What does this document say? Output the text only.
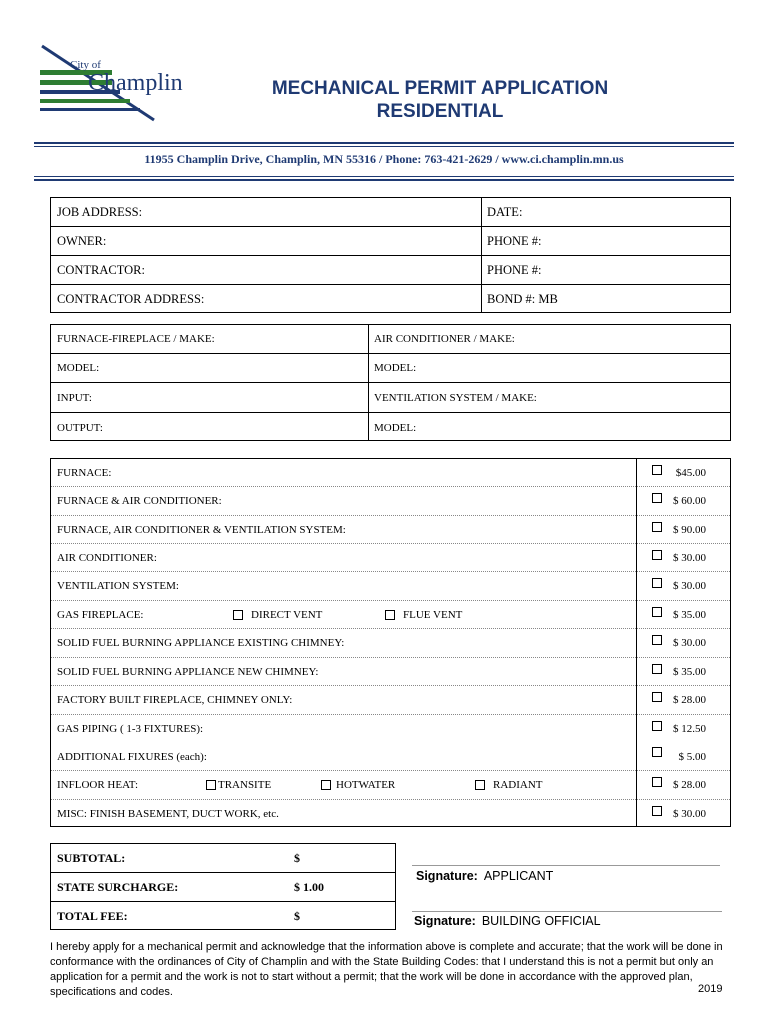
City of
Champlin	MECHANICAL PERMIT APPLICATION
RESIDENTIAL
11955 Champlin Drive, Champlin, MN 55316 / Phone: 763-421-2629 / www.ci.champlin.mn.us
JOB ADDRESS:	DATE:
OWNER:	PHONE #:
CONTRACTOR:	PHONE #:
CONTRACTOR ADDRESS:	BOND #: MB
FURNACE-FIREPLACE / MAKE:	AIR CONDITIONER / MAKE:
MODEL:	MODEL:
INPUT:	VENTILATION SYSTEM / MAKE:
OUTPUT:	MODEL:
FURNACE:	$45.00
FURNACE & AIR CONDITIONER:	$ 60.00
FURNACE, AIR CONDITIONER & VENTILATION SYSTEM:	$ 90.00
AIR CONDITIONER:	$ 30.00
VENTILATION SYSTEM:	$ 30.00
GAS FIREPLACE:	DIRECT VENT	FLUE VENT	$ 35.00
SOLID FUEL BURNING APPLIANCE EXISTING CHIMNEY:	$ 30.00
SOLID FUEL BURNING APPLIANCE NEW CHIMNEY:	$ 35.00
FACTORY BUILT FIREPLACE, CHIMNEY ONLY:	$ 28.00
GAS PIPING ( 1-3 FIXTURES):	$ 12.50
ADDITIONAL FIXURES (each):	$ 5.00
INFLOOR HEAT:	TRANSITE	HOTWATER	RADIANT	$ 28.00
MISC: FINISH BASEMENT, DUCT WORK, etc.	$ 30.00
SUBTOTAL:	$
STATE SURCHARGE:	$ 1.00
TOTAL FEE:	$
Signature: APPLICANT
Signature: BUILDING OFFICIAL
I hereby apply for a mechanical permit and acknowledge that the information above is complete and accurate; that the work will be done in conformance with the ordinances of City of Champlin and with the State Building Codes: that I understand this is not a permit but only an application for a permit and the work is not to start without a permit; that the work will be done in accordance with the approved plan, specifications and codes.	2019
